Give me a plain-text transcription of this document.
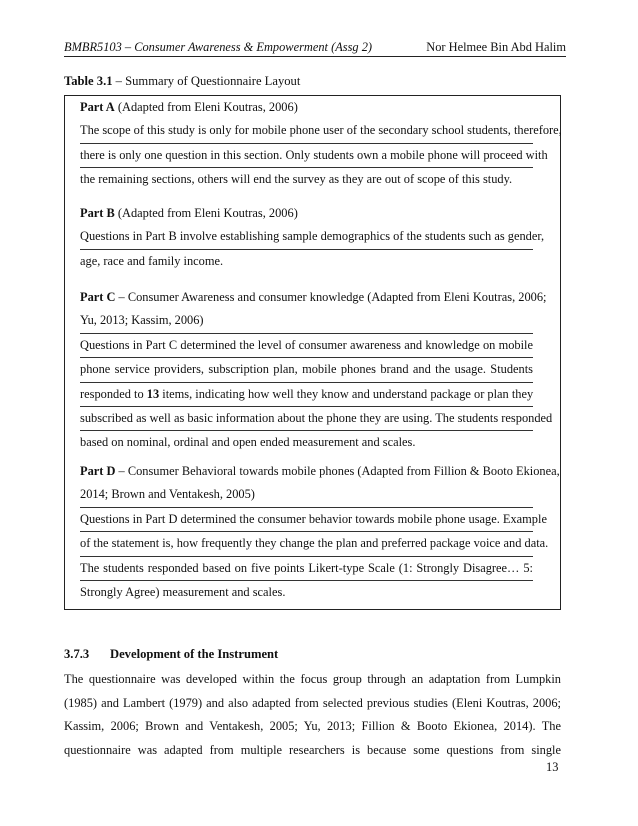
BMBR5103 – Consumer Awareness & Empowerment (Assg 2)	Nor Helmee Bin Abd Halim
Table 3.1 – Summary of Questionnaire Layout
Part A (Adapted from Eleni Koutras, 2006)
The scope of this study is only for mobile phone user of the secondary school students, therefore,
there is only one question in this section. Only students own a mobile phone will proceed with
the remaining sections, others will end the survey as they are out of scope of this study.
Part B (Adapted from Eleni Koutras, 2006)
Questions in Part B involve establishing sample demographics of the students such as gender,
age, race and family income.
Part C – Consumer Awareness and consumer knowledge (Adapted from Eleni Koutras, 2006;
Yu, 2013; Kassim, 2006)
Questions in Part C determined the level of consumer awareness and knowledge on mobile
phone service providers, subscription plan, mobile phones brand and the usage. Students
responded to 13 items, indicating how well they know and understand package or plan they
subscribed as well as basic information about the phone they are using. The students responded
based on nominal, ordinal and open ended measurement and scales.
Part D – Consumer Behavioral towards mobile phones (Adapted from Fillion & Booto Ekionea,
2014; Brown and Ventakesh, 2005)
Questions in Part D determined the consumer behavior towards mobile phone usage. Example
of the statement is, how frequently they change the plan and preferred package voice and data.
The students responded based on five points Likert-type Scale (1: Strongly Disagree… 5:
Strongly Agree) measurement and scales.
3.7.3 Development of the Instrument
The questionnaire was developed within the focus group through an adaptation from Lumpkin
(1985) and Lambert (1979) and also adapted from selected previous studies (Eleni Koutras, 2006;
Kassim, 2006; Brown and Ventakesh, 2005; Yu, 2013; Fillion & Booto Ekionea, 2014). The
questionnaire was adapted from multiple researchers is because some questions from single
13
